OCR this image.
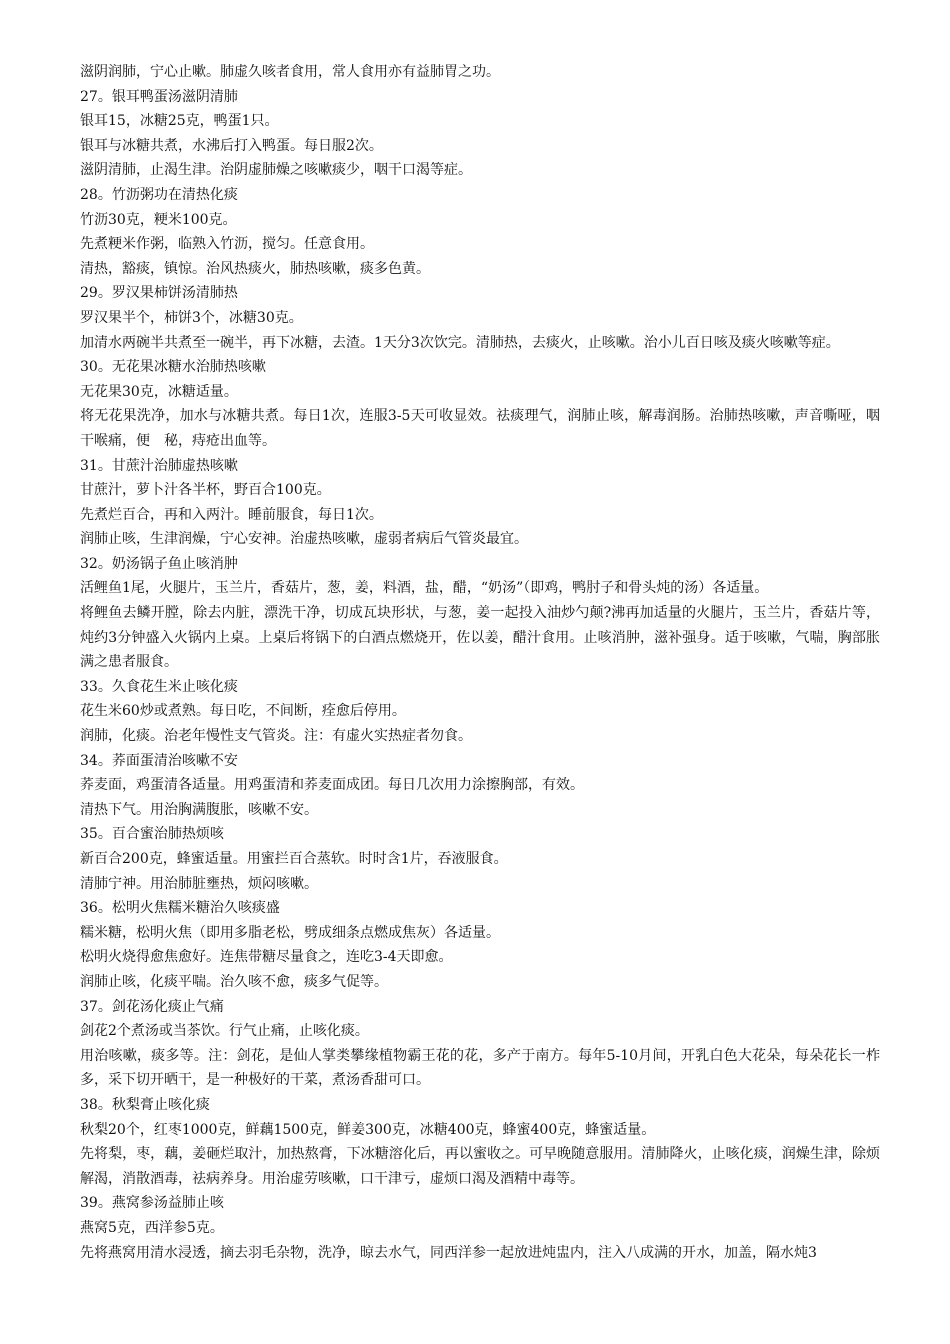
滋阴润肺，宁心止嗽。肺虚久咳者食用，常人食用亦有益肺胃之功。

27。银耳鸭蛋汤滋阴清肺

银耳15，冰糖25克，鸭蛋1只。

银耳与冰糖共煮，水沸后打入鸭蛋。每日服2次。

滋阴清肺，止渴生津。治阴虚肺燥之咳嗽痰少，咽干口渴等症。

28。竹沥粥功在清热化痰

竹沥30克，粳米100克。

先煮粳米作粥，临熟入竹沥，搅匀。任意食用。

清热，豁痰，镇惊。治风热痰火，肺热咳嗽，痰多色黄。

29。罗汉果柿饼汤清肺热

罗汉果半个，柿饼3个，冰糖30克。

加清水两碗半共煮至一碗半，再下冰糖，去渣。1天分3次饮完。清肺热，去痰火，止咳嗽。治小儿百日咳及痰火咳嗽等症。

30。无花果冰糖水治肺热咳嗽

无花果30克，冰糖适量。

将无花果洗净，加水与冰糖共煮。每日1次，连服3-5天可收显效。祛痰理气，润肺止咳，解毒润肠。治肺热咳嗽，声音嘶哑，咽干喉痛，便　秘，痔疮出血等。

31。甘蔗汁治肺虚热咳嗽

甘蔗汁，萝卜汁各半杯，野百合100克。

先煮烂百合，再和入两汁。睡前服食，每日1次。

润肺止咳，生津润燥，宁心安神。治虚热咳嗽，虚弱者病后气管炎最宜。

32。奶汤锅子鱼止咳消肿

活鲤鱼1尾，火腿片，玉兰片，香菇片，葱，姜，料酒，盐，醋，“奶汤”（即鸡，鸭肘子和骨头炖的汤）各适量。

将鲤鱼去鳞开膛，除去内脏，漂洗干净，切成瓦块形状，与葱，姜一起投入油炒勺颠?沸再加适量的火腿片，玉兰片，香菇片等，炖约3分钟盛入火锅内上桌。上桌后将锅下的白酒点燃烧开，佐以姜，醋汁食用。止咳消肿，滋补强身。适于咳嗽，气喘，胸部胀满之患者服食。

33。久食花生米止咳化痰

花生米60炒或煮熟。每日吃，不间断，痊愈后停用。

润肺，化痰。治老年慢性支气管炎。注：有虚火实热症者勿食。

34。荞面蛋清治咳嗽不安

荞麦面，鸡蛋清各适量。用鸡蛋清和荞麦面成团。每日几次用力涂擦胸部，有效。

清热下气。用治胸满腹胀，咳嗽不安。

35。百合蜜治肺热烦咳

新百合200克，蜂蜜适量。用蜜拦百合蒸软。时时含1片，吞液服食。

清肺宁神。用治肺脏壅热，烦闷咳嗽。

36。松明火焦糯米糖治久咳痰盛

糯米糖，松明火焦（即用多脂老松，劈成细条点燃成焦灰）各适量。

松明火烧得愈焦愈好。连焦带糖尽量食之，连吃3-4天即愈。

润肺止咳，化痰平喘。治久咳不愈，痰多气促等。

37。剑花汤化痰止气痛

剑花2个煮汤或当茶饮。行气止痛，止咳化痰。

用治咳嗽，痰多等。注：剑花，是仙人掌类攀缘植物霸王花的花，多产于南方。每年5-10月间，开乳白色大花朵，每朵花长一柞多，采下切开晒干，是一种极好的干菜，煮汤香甜可口。

38。秋梨膏止咳化痰

秋梨20个，红枣1000克，鲜藕1500克，鲜姜300克，冰糖400克，蜂蜜400克，蜂蜜适量。

先将梨，枣，藕，姜砸烂取汁，加热熬膏，下冰糖溶化后，再以蜜收之。可早晚随意服用。清肺降火，止咳化痰，润燥生津，除烦解渴，消散酒毒，祛病养身。用治虚劳咳嗽，口干津亏，虚烦口渴及酒精中毒等。

39。燕窝参汤益肺止咳

燕窝5克，西洋参5克。

先将燕窝用清水浸透，摘去羽毛杂物，洗净，晾去水气，同西洋参一起放进炖盅内，注入八成满的开水，加盖，隔水炖3
